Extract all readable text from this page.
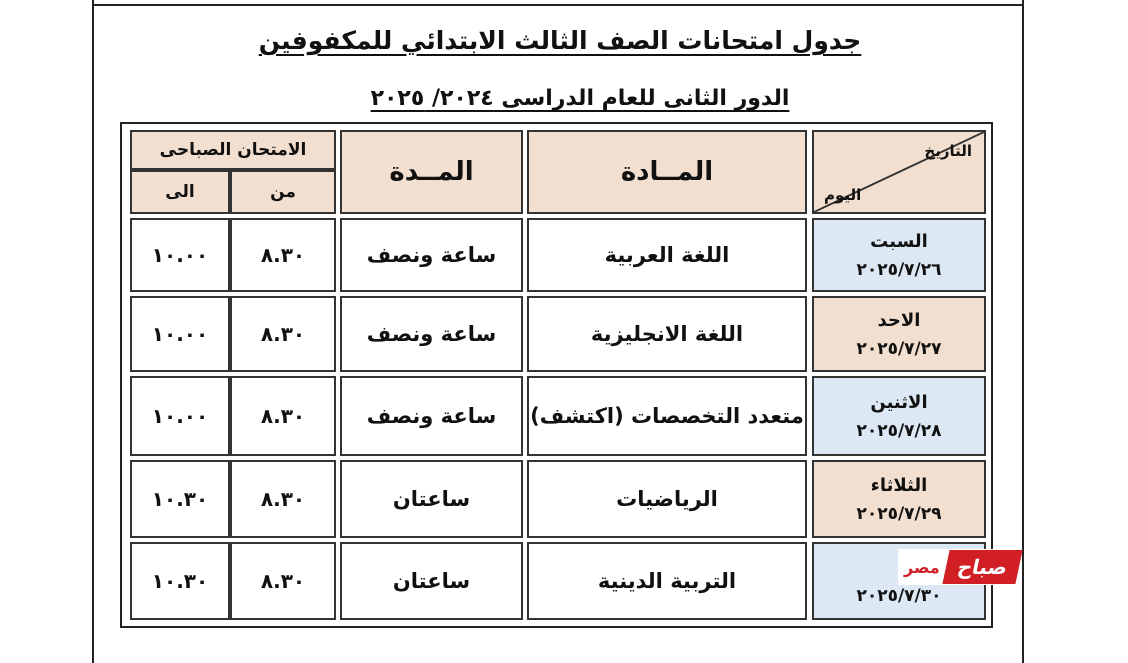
جدول امتحانات الصف الثالث الابتدائي للمكفوفين
الدور الثانى للعام الدراسى ٢٠٢٤/ ٢٠٢٥
التاريخ
اليوم
المــادة
المــدة
الامتحان الصباحى
من
الى
السبت
٢٠٢٥/٧/٢٦
اللغة العربية
ساعة ونصف
٨.٣٠
١٠.٠٠
الاحد
٢٠٢٥/٧/٢٧
اللغة الانجليزية
ساعة ونصف
٨.٣٠
١٠.٠٠
الاثنين
٢٠٢٥/٧/٢٨
متعدد التخصصات (اكتشف)
ساعة ونصف
٨.٣٠
١٠.٠٠
الثلاثاء
٢٠٢٥/٧/٢٩
الرياضيات
ساعتان
٨.٣٠
١٠.٣٠
٢٠٢٥/٧/٣٠
التربية الدينية
ساعتان
٨.٣٠
١٠.٣٠
صباح
مصر
